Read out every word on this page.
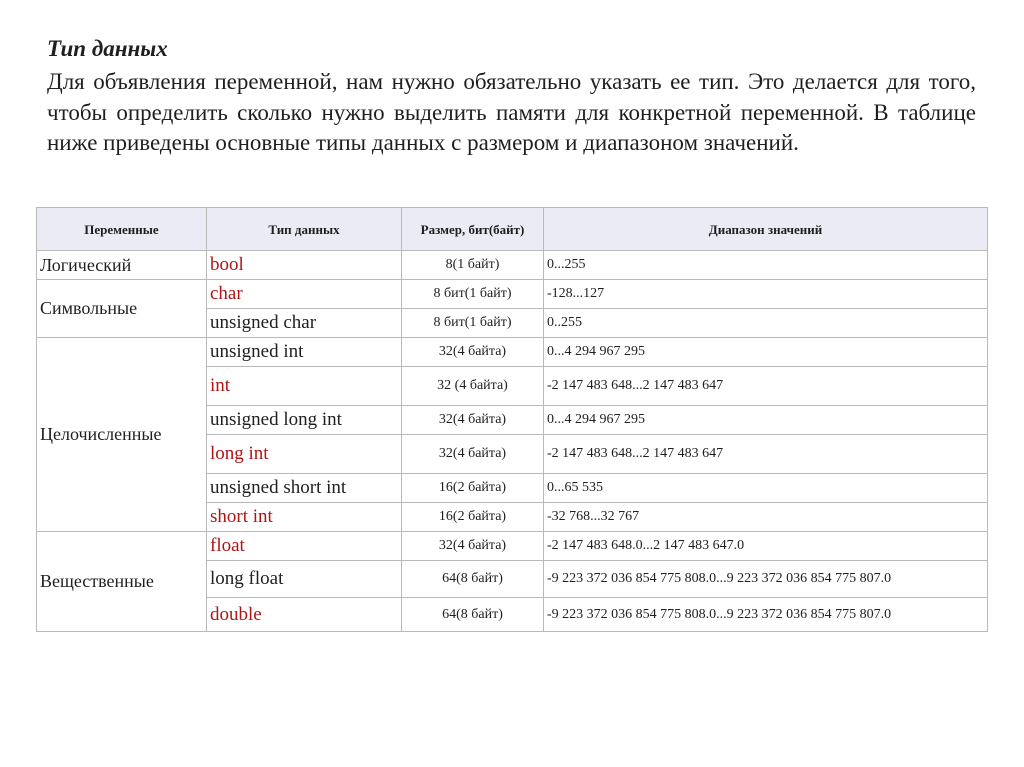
Тип данных

Для объявления переменной, нам нужно обязательно указать ее тип. Это делается для того, чтобы определить сколько нужно выделить памяти для конкретной переменной. В таблице ниже приведены основные типы данных с размером и диапазоном значений.

Переменные	Тип данных	Размер, бит(байт)	Диапазон значений
Логический	bool	8(1 байт)	0...255
Символьные	char	8 бит(1 байт)	-128...127
	unsigned char	8 бит(1 байт)	0..255
Целочисленные	unsigned int	32(4 байта)	0...4 294 967 295
	int	32 (4 байта)	-2 147 483 648...2 147 483 647
	unsigned long int	32(4 байта)	0...4 294 967 295
	long int	32(4 байта)	-2 147 483 648...2 147 483 647
	unsigned short int	16(2 байта)	0...65 535
	short int	16(2 байта)	-32 768...32 767
Вещественные	float	32(4 байта)	-2 147 483 648.0...2 147 483 647.0
	long float	64(8 байт)	-9 223 372 036 854 775 808.0...9 223 372 036 854 775 807.0
	double	64(8 байт)	-9 223 372 036 854 775 808.0...9 223 372 036 854 775 807.0
